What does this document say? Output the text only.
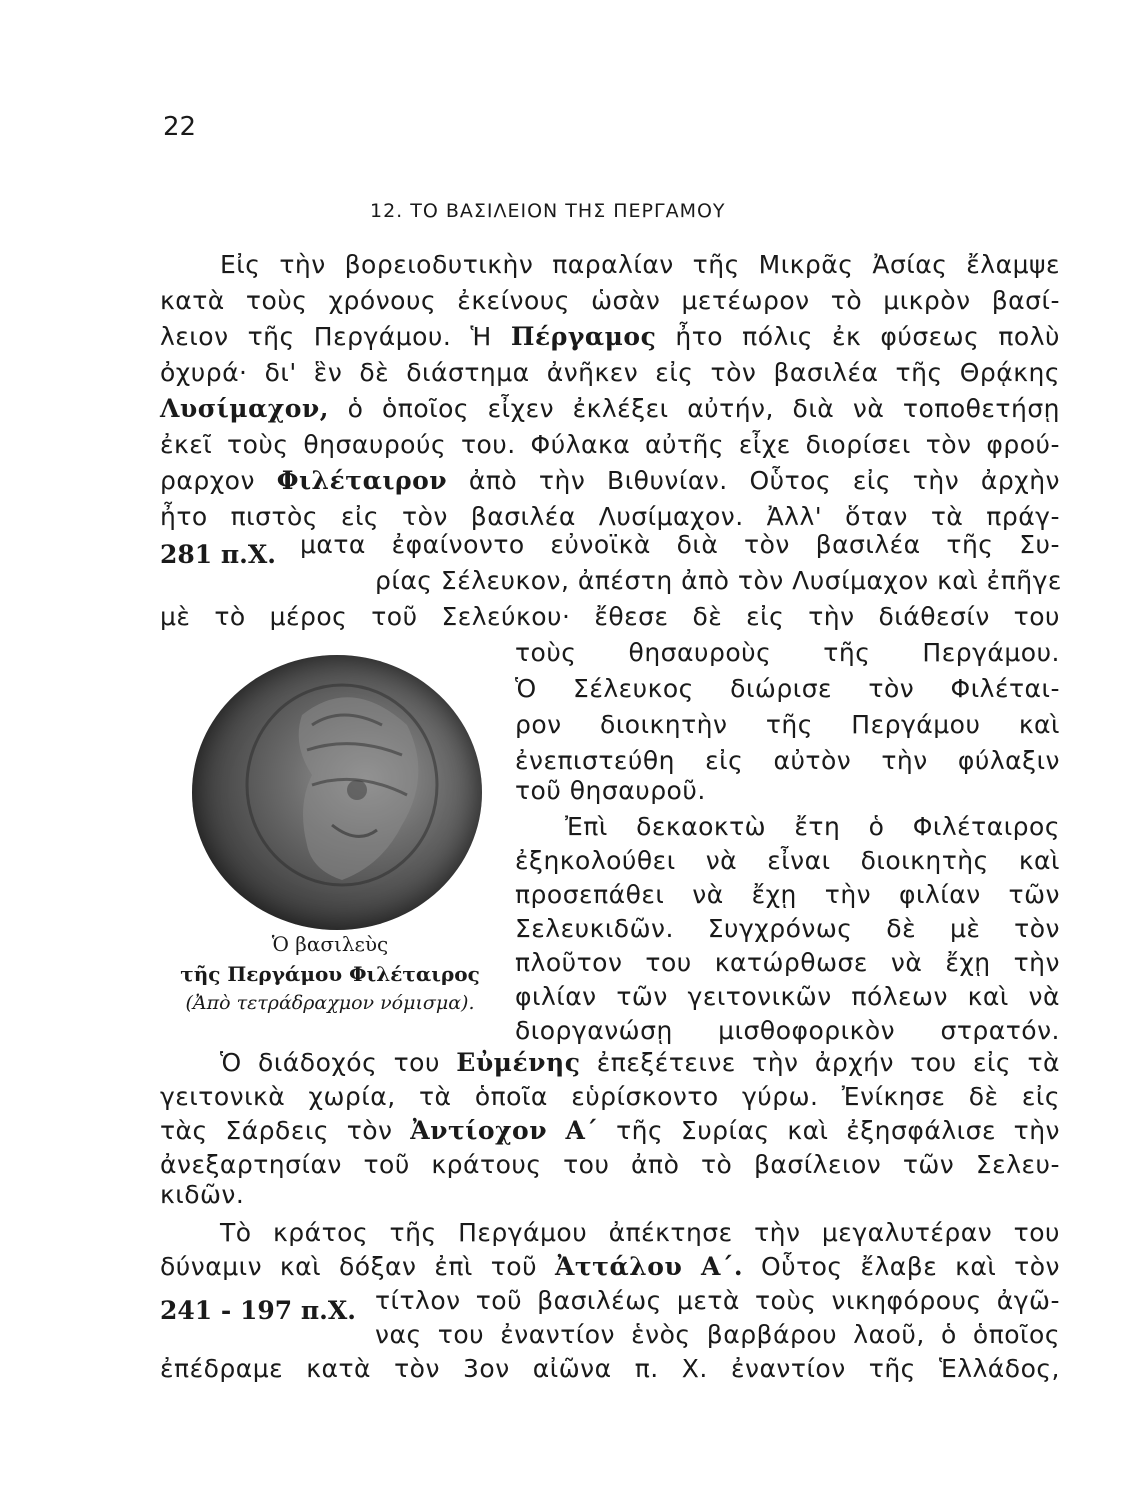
22
12. ΤΟ ΒΑΣΙΛΕΙΟΝ ΤΗΣ ΠΕΡΓΑΜΟΥ
Εἰς τὴν βορειοδυτικὴν παραλίαν τῆς Μικρᾶς Ἀσίας ἔλαμψε
κατὰ τοὺς χρόνους ἐκείνους ὡσὰν μετέωρον τὸ μικρὸν βασί-
λειον τῆς Περγάμου. Ἡ Πέργαμος ἦτο πόλις ἐκ φύσεως πολὺ
ὀχυρά· δι' ἓν δὲ διάστημα ἀνῆκεν εἰς τὸν βασιλέα τῆς Θρᾴκης
Λυσίμαχον, ὁ ὁποῖος εἶχεν ἐκλέξει αὐτήν, διὰ νὰ τοποθετήσῃ
ἐκεῖ τοὺς θησαυρούς του. Φύλακα αὐτῆς εἶχε διορίσει τὸν φρού-
ραρχον Φιλέταιρον ἀπὸ τὴν Βιθυνίαν. Οὗτος εἰς τὴν ἀρχὴν
ἦτο πιστὸς εἰς τὸν βασιλέα Λυσίμαχον. Ἀλλ' ὅταν τὰ πράγ-
281 π.Χ. ματα ἐφαίνοντο εὐνοϊκὰ διὰ τὸν βασιλέα τῆς Συ-
ρίας Σέλευκον, ἀπέστη ἀπὸ τὸν Λυσίμαχον καὶ ἐπῆγε
μὲ τὸ μέρος τοῦ Σελεύκου· ἔθεσε δὲ εἰς τὴν διάθεσίν του
τοὺς θησαυροὺς τῆς Περγάμου.
Ὁ Σέλευκος διώρισε τὸν Φιλέται-
ρον διοικητὴν τῆς Περγάμου καὶ
ἐνεπιστεύθη εἰς αὐτὸν τὴν φύλαξιν
τοῦ θησαυροῦ.
Ἐπὶ δεκαοκτὼ ἔτη ὁ Φιλέταιρος
ἐξηκολούθει νὰ εἶναι διοικητὴς καὶ
προσεπάθει νὰ ἔχῃ τὴν φιλίαν τῶν
Σελευκιδῶν. Συγχρόνως δὲ μὲ τὸν
πλοῦτον του κατώρθωσε νὰ ἔχῃ τὴν
φιλίαν τῶν γειτονικῶν πόλεων καὶ νὰ
διοργανώσῃ μισθοφορικὸν στρατόν.
Ὁ βασιλεὺς
τῆς Περγάμου Φιλέταιρος
(Ἀπὸ τετράδραχμον νόμισμα).
Ὁ διάδοχός του Εὐμένης ἐπεξέτεινε τὴν ἀρχήν του εἰς τὰ
γειτονικὰ χωρία, τὰ ὁποῖα εὑρίσκοντο γύρω. Ἐνίκησε δὲ εἰς
τὰς Σάρδεις τὸν Ἀντίοχον Α΄ τῆς Συρίας καὶ ἐξησφάλισε τὴν
ἀνεξαρτησίαν τοῦ κράτους του ἀπὸ τὸ βασίλειον τῶν Σελευ-
κιδῶν.
Τὸ κράτος τῆς Περγάμου ἀπέκτησε τὴν μεγαλυτέραν του
δύναμιν καὶ δόξαν ἐπὶ τοῦ Ἀττάλου Α΄. Οὗτος ἔλαβε καὶ τὸν
241 - 197 π.Χ. τίτλον τοῦ βασιλέως μετὰ τοὺς νικηφόρους ἀγῶ-
νας του ἐναντίον ἑνὸς βαρβάρου λαοῦ, ὁ ὁποῖος
ἐπέδραμε κατὰ τὸν 3ον αἰῶνα π. Χ. ἐναντίον τῆς Ἑλλάδος,
